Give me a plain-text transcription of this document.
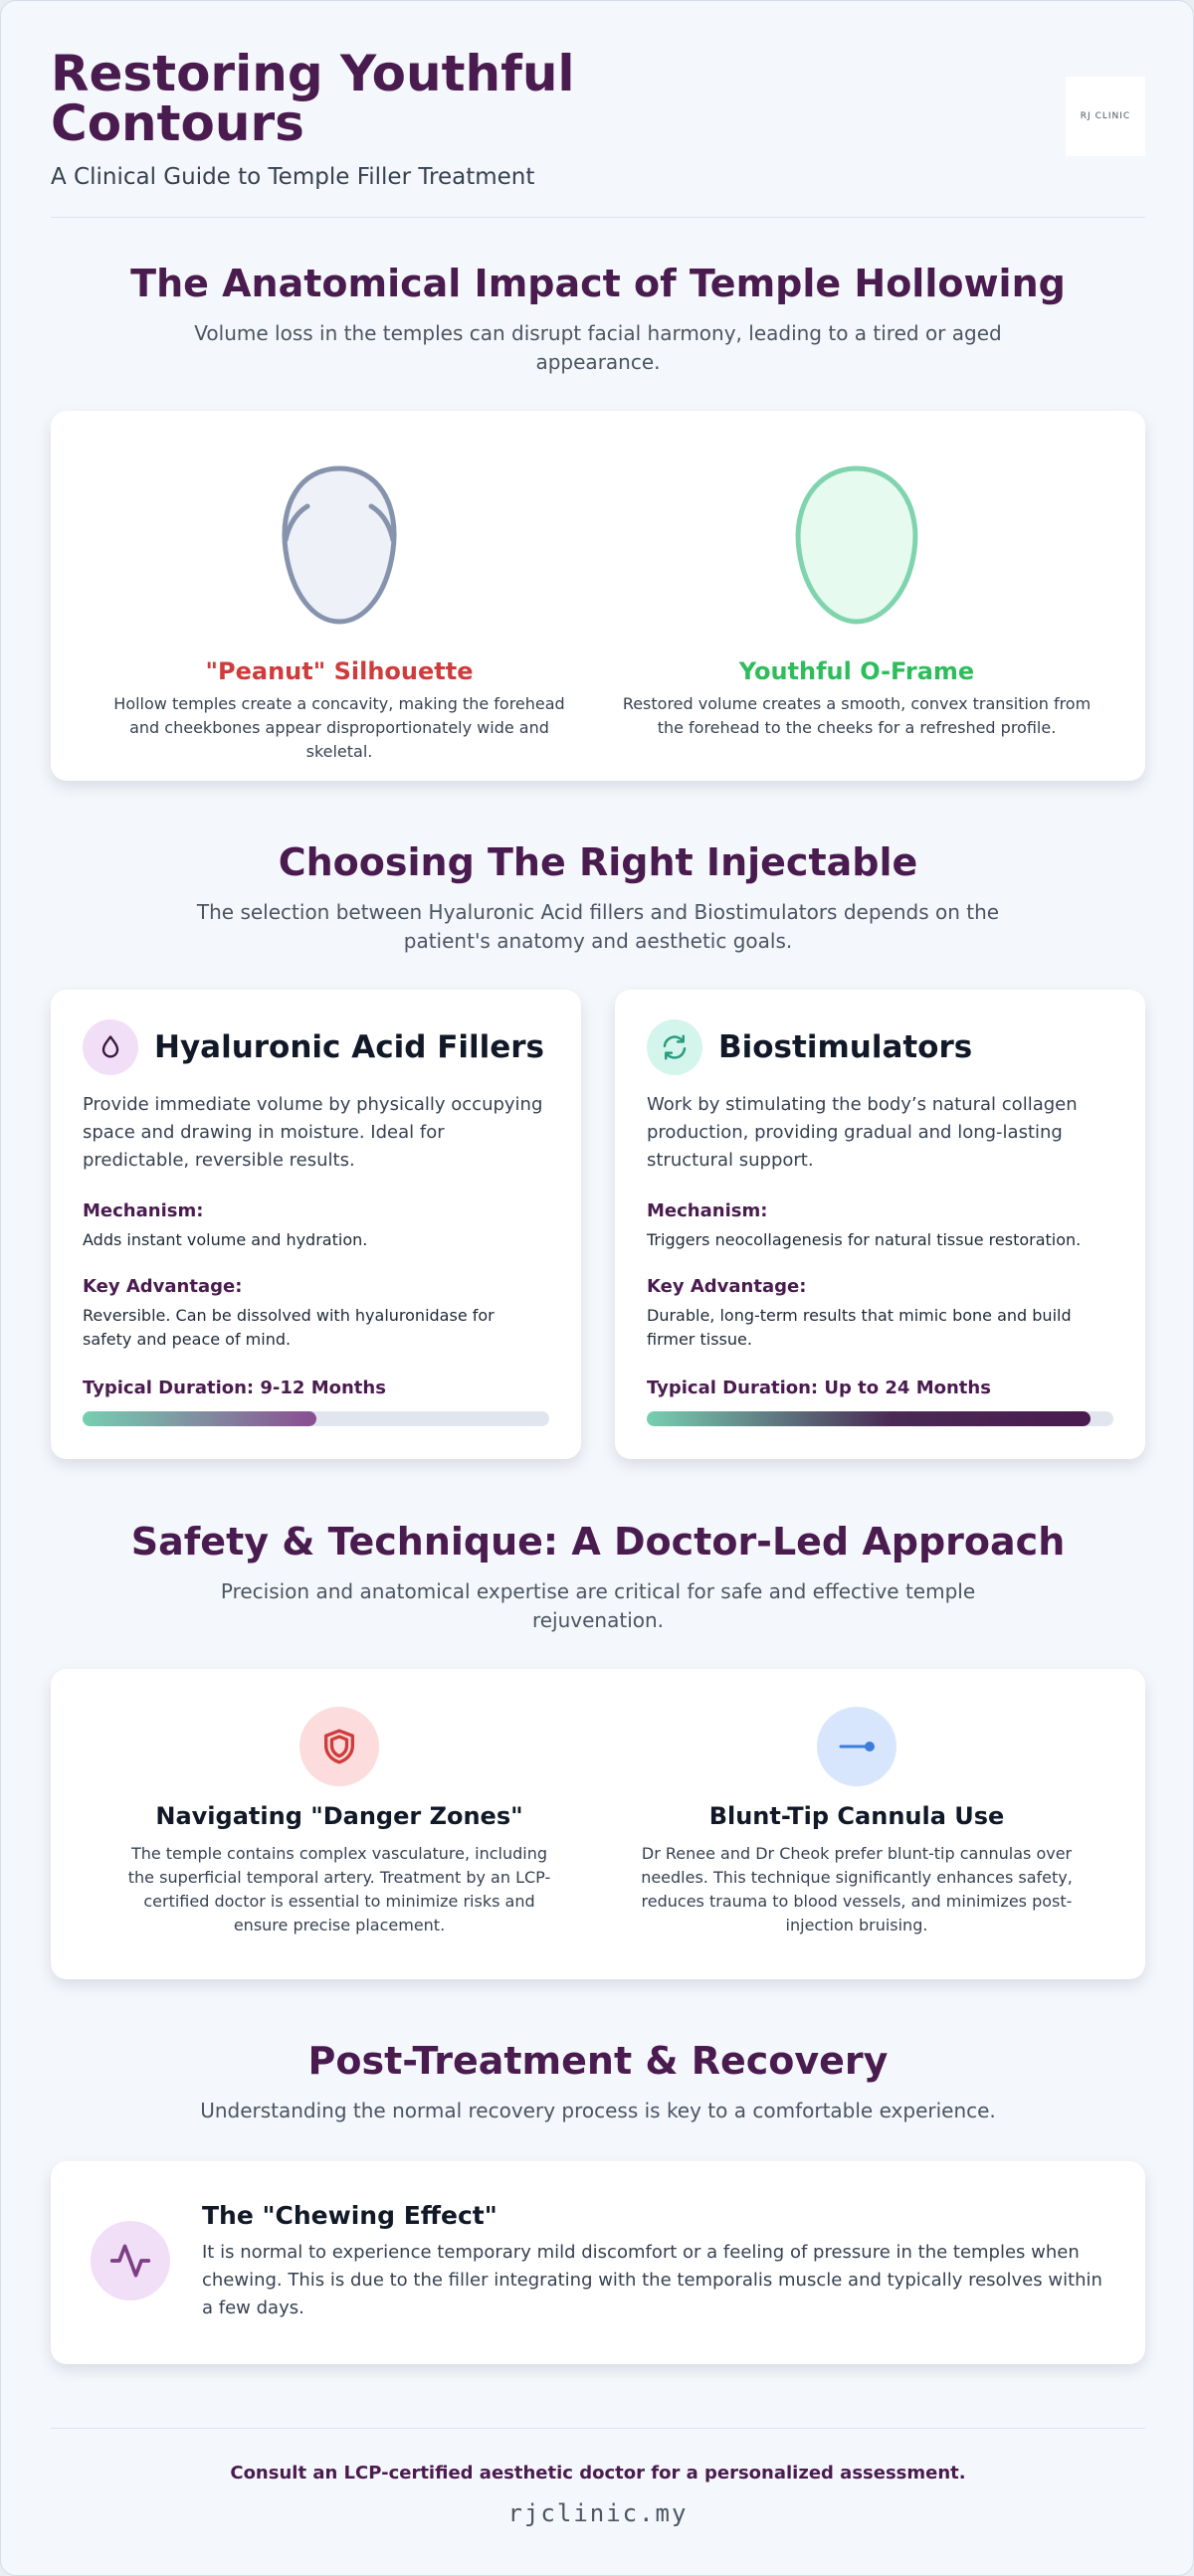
Restoring Youthful Contours
A Clinical Guide to Temple Filler Treatment
RJ CLINIC
The Anatomical Impact of Temple Hollowing
Volume loss in the temples can disrupt facial harmony, leading to a tired or aged appearance.
"Peanut" Silhouette
Hollow temples create a concavity, making the forehead and cheekbones appear disproportionately wide and skeletal.
Youthful O-Frame
Restored volume creates a smooth, convex transition from the forehead to the cheeks for a refreshed profile.
Choosing The Right Injectable
The selection between Hyaluronic Acid fillers and Biostimulators depends on the patient's anatomy and aesthetic goals.
Hyaluronic Acid Fillers
Provide immediate volume by physically occupying space and drawing in moisture. Ideal for predictable, reversible results.
Mechanism:
Adds instant volume and hydration.
Key Advantage:
Reversible. Can be dissolved with hyaluronidase for safety and peace of mind.
Typical Duration: 9-12 Months
Biostimulators
Work by stimulating the body’s natural collagen production, providing gradual and long-lasting structural support.
Mechanism:
Triggers neocollagenesis for natural tissue restoration.
Key Advantage:
Durable, long-term results that mimic bone and build firmer tissue.
Typical Duration: Up to 24 Months
Safety & Technique: A Doctor-Led Approach
Precision and anatomical expertise are critical for safe and effective temple rejuvenation.
Navigating "Danger Zones"
The temple contains complex vasculature, including the superficial temporal artery. Treatment by an LCP-certified doctor is essential to minimize risks and ensure precise placement.
Blunt-Tip Cannula Use
Dr Renee and Dr Cheok prefer blunt-tip cannulas over needles. This technique significantly enhances safety, reduces trauma to blood vessels, and minimizes post-injection bruising.
Post-Treatment & Recovery
Understanding the normal recovery process is key to a comfortable experience.
The "Chewing Effect"
It is normal to experience temporary mild discomfort or a feeling of pressure in the temples when chewing. This is due to the filler integrating with the temporalis muscle and typically resolves within a few days.
Consult an LCP-certified aesthetic doctor for a personalized assessment.
rjclinic.my
